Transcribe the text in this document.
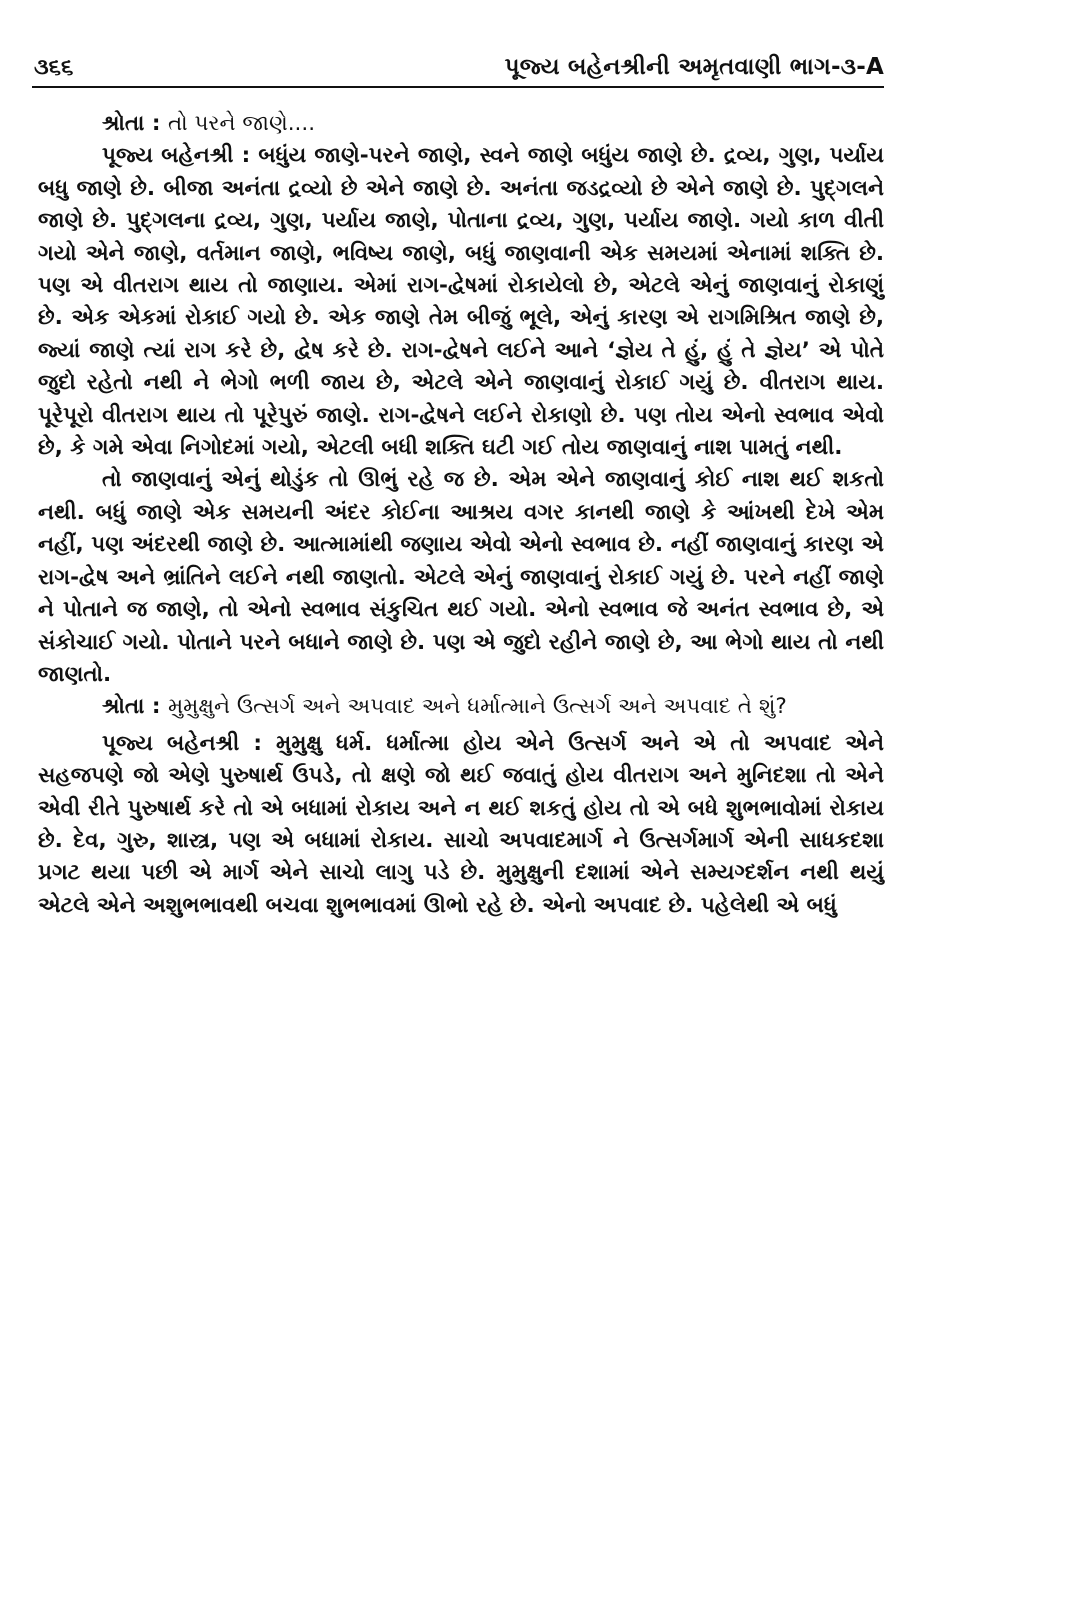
૩૬૬	પૂજ્ય બહેનશ્રીની અમૃતવાણી ભાગ-૩-A

શ્રોતા : તો પરને જાણે....

પૂજ્ય બહેનશ્રી : બધુંય જાણે-પરને જાણે, સ્વને જાણે બધુંય જાણે છે. દ્રવ્ય, ગુણ, પર્યાય બધુ જાણે છે. બીજા અનંતા દ્રવ્યો છે એને જાણે છે. અનંતા જડદ્રવ્યો છે એને જાણે છે. પુદ્ગલને જાણે છે. પુદ્ગલના દ્રવ્ય, ગુણ, પર્યાય જાણે, પોતાના દ્રવ્ય, ગુણ, પર્યાય જાણે. ગયો કાળ વીતી ગયો એને જાણે, વર્તમાન જાણે, ભવિષ્ય જાણે, બધું જાણવાની એક સમયમાં એનામાં શક્તિ છે. પણ એ વીતરાગ થાય તો જાણાય. એમાં રાગ-દ્વેષમાં રોકાયેલો છે, એટલે એનું જાણવાનું રોકાણું છે. એક એકમાં રોકાઈ ગયો છે. એક જાણે તેમ બીજું ભૂલે, એનું કારણ એ રાગમિશ્રિત જાણે છે, જ્યાં જાણે ત્યાં રાગ કરે છે, દ્વેષ કરે છે. રાગ-દ્વેષને લઈને આને ‘જ્ઞેય તે હું, હું તે જ્ઞેય’ એ પોતે જુદો રહેતો નથી ને ભેગો ભળી જાય છે, એટલે એને જાણવાનું રોકાઈ ગયું છે. વીતરાગ થાય. પૂરેપૂરો વીતરાગ થાય તો પૂરેપુરું જાણે. રાગ-દ્વેષને લઈને રોકાણો છે. પણ તોય એનો સ્વભાવ એવો છે, કે ગમે એવા નિગોદમાં ગયો, એટલી બધી શક્તિ ઘટી ગઈ તોય જાણવાનું નાશ પામતું નથી.

તો જાણવાનું એનું થોડુંક તો ઊભું રહે જ છે. એમ એને જાણવાનું કોઈ નાશ થઈ શકતો નથી. બધું જાણે એક સમયની અંદર કોઈના આશ્રય વગર કાનથી જાણે કે આંખથી દેખે એમ નહીં, પણ અંદરથી જાણે છે. આત્મામાંથી જણાય એવો એનો સ્વભાવ છે. નહીં જાણવાનું કારણ એ રાગ-દ્વેષ અને ભ્રાંતિને લઈને નથી જાણતો. એટલે એનું જાણવાનું રોકાઈ ગયું છે. પરને નહીં જાણે ને પોતાને જ જાણે, તો એનો સ્વભાવ સંકુચિત થઈ ગયો. એનો સ્વભાવ જે અનંત સ્વભાવ છે, એ સંકોચાઈ ગયો. પોતાને પરને બધાને જાણે છે. પણ એ જુદો રહીને જાણે છે, આ ભેગો થાય તો નથી જાણતો.

શ્રોતા : મુમુક્ષુને ઉત્સર્ગ અને અપવાદ અને ધર્માત્માને ઉત્સર્ગ અને અપવાદ તે શું?

પૂજ્ય બહેનશ્રી : મુમુક્ષુ ધર્મ. ધર્માત્મા હોય એને ઉત્સર્ગ અને એ તો અપવાદ એને સહજપણે જો એણે પુરુષાર્થ ઉપડે, તો ક્ષણે જો થઈ જવાતું હોય વીતરાગ અને મુનિદશા તો એને એવી રીતે પુરુષાર્થ કરે તો એ બધામાં રોકાય અને ન થઈ શકતું હોય તો એ બધે શુભભાવોમાં રોકાય છે. દેવ, ગુરુ, શાસ્ત્ર, પણ એ બધામાં રોકાય. સાચો અપવાદમાર્ગ ને ઉત્સર્ગમાર્ગ એની સાધકદશા પ્રગટ થયા પછી એ માર્ગ એને સાચો લાગુ પડે છે. મુમુક્ષુની દશામાં એને સમ્યગ્દર્શન નથી થયું એટલે એને અશુભભાવથી બચવા શુભભાવમાં ઊભો રહે છે. એનો અપવાદ છે. પહેલેથી એ બધું
